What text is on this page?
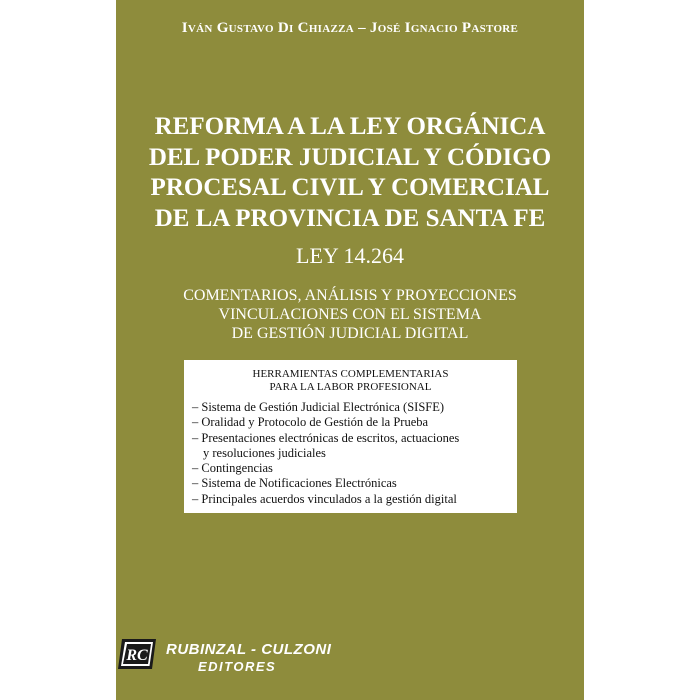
Iván Gustavo Di Chiazza – José Ignacio Pastore
REFORMA A LA LEY ORGÁNICA
DEL PODER JUDICIAL Y CÓDIGO
PROCESAL CIVIL Y COMERCIAL
DE LA PROVINCIA DE SANTA FE
LEY 14.264
COMENTARIOS, ANÁLISIS Y PROYECCIONES
VINCULACIONES CON EL SISTEMA
DE GESTIÓN JUDICIAL DIGITAL
HERRAMIENTAS COMPLEMENTARIAS
PARA LA LABOR PROFESIONAL
– Sistema de Gestión Judicial Electrónica (SISFE)
– Oralidad y Protocolo de Gestión de la Prueba
– Presentaciones electrónicas de escritos, actuaciones
y resoluciones judiciales
– Contingencias
– Sistema de Notificaciones Electrónicas
– Principales acuerdos vinculados a la gestión digital
RC RUBINZAL - CULZONI
EDITORES
